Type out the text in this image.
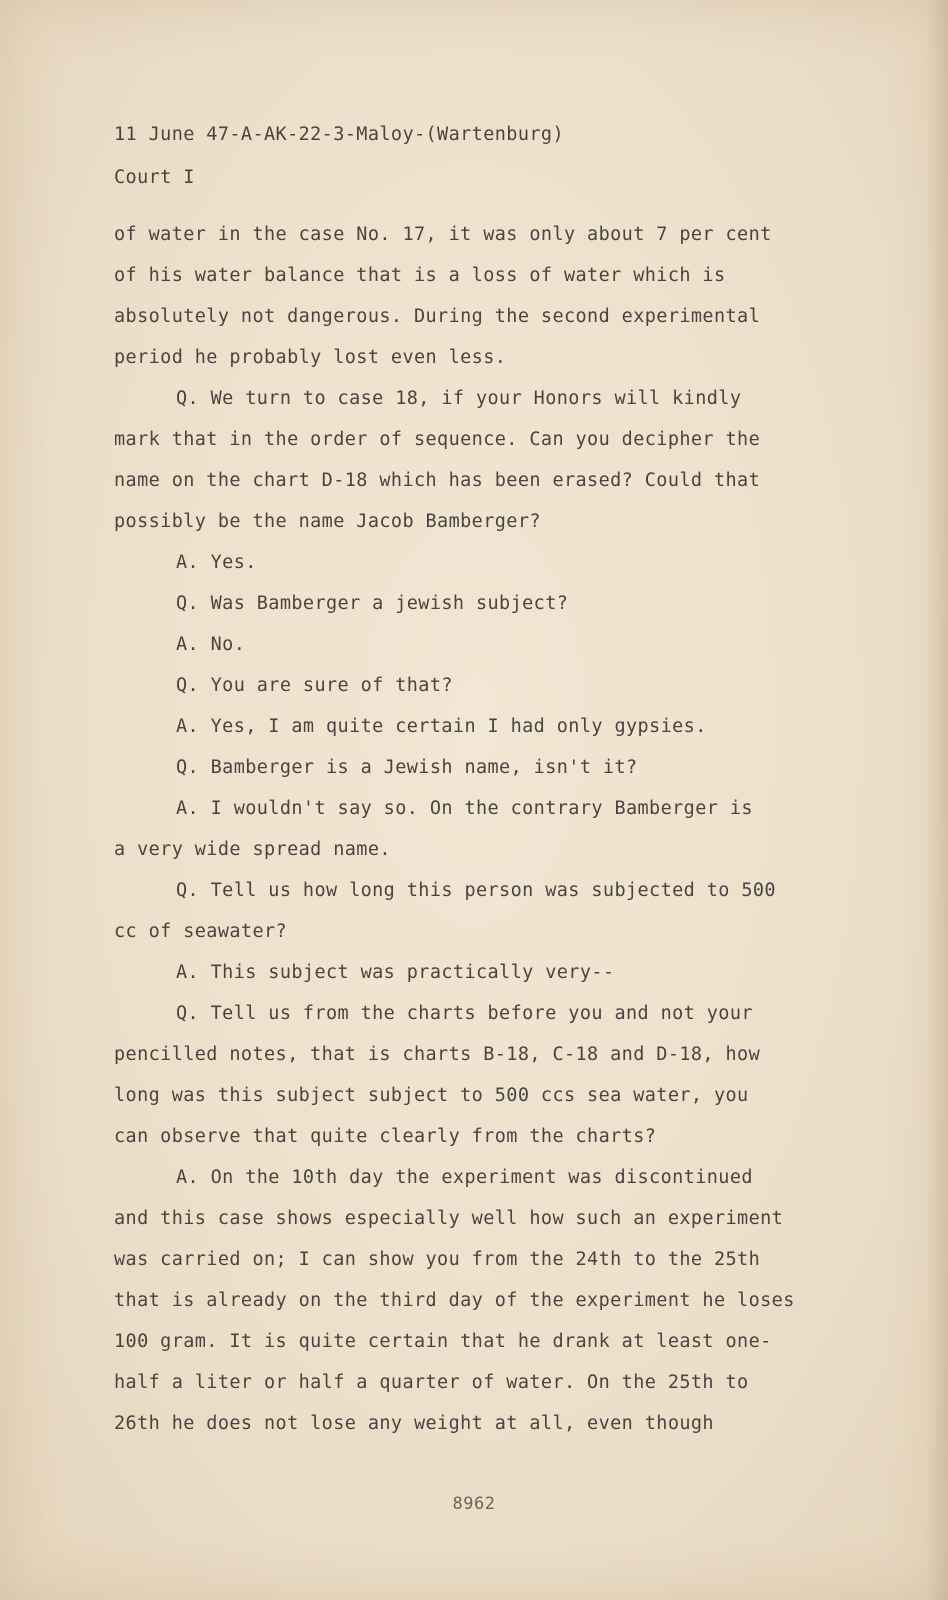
11 June 47-A-AK-22-3-Maloy-(Wartenburg)
Court I
of water in the case No. 17, it was only about 7 per cent
of his water balance that is a loss of water which is
absolutely not dangerous. During the second experimental
period he probably lost even less.
Q. We turn to case 18, if your Honors will kindly
mark that in the order of sequence. Can you decipher the
name on the chart D-18 which has been erased? Could that
possibly be the name Jacob Bamberger?
A. Yes.
Q. Was Bamberger a jewish subject?
A. No.
Q. You are sure of that?
A. Yes, I am quite certain I had only gypsies.
Q. Bamberger is a Jewish name, isn't it?
A. I wouldn't say so. On the contrary Bamberger is
a very wide spread name.
Q. Tell us how long this person was subjected to 500
cc of seawater?
A. This subject was practically very--
Q. Tell us from the charts before you and not your
pencilled notes, that is charts B-18, C-18 and D-18, how
long was this subject subject to 500 ccs sea water, you
can observe that quite clearly from the charts?
A. On the 10th day the experiment was discontinued
and this case shows especially well how such an experiment
was carried on; I can show you from the 24th to the 25th
that is already on the third day of the experiment he loses
100 gram. It is quite certain that he drank at least one-
half a liter or half a quarter of water. On the 25th to
26th he does not lose any weight at all, even though
8962
